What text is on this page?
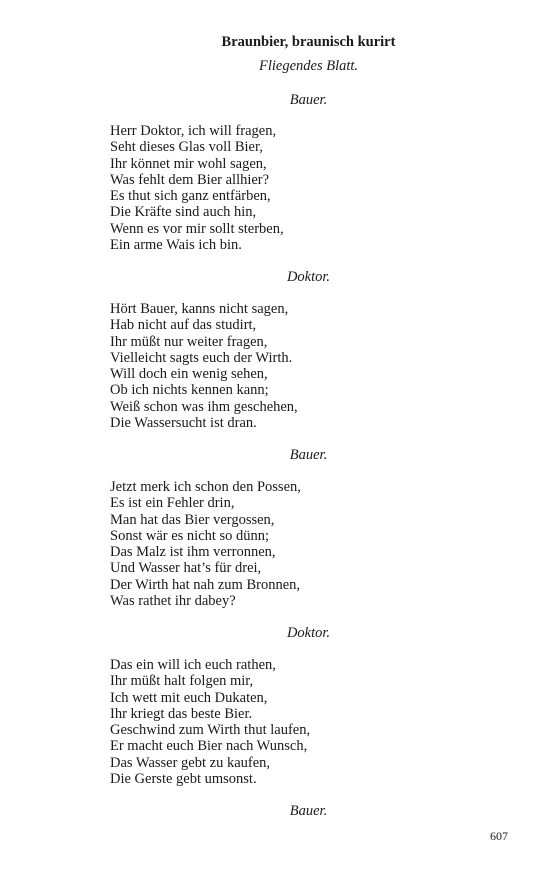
Braunbier, braunisch kurirt
Fliegendes Blatt.
Bauer.
Herr Doktor, ich will fragen,
Seht dieses Glas voll Bier,
Ihr könnet mir wohl sagen,
Was fehlt dem Bier allhier?
Es thut sich ganz entfärben,
Die Kräfte sind auch hin,
Wenn es vor mir sollt sterben,
Ein arme Wais ich bin.
Doktor.
Hört Bauer, kanns nicht sagen,
Hab nicht auf das studirt,
Ihr müßt nur weiter fragen,
Vielleicht sagts euch der Wirth.
Will doch ein wenig sehen,
Ob ich nichts kennen kann;
Weiß schon was ihm geschehen,
Die Wassersucht ist dran.
Bauer.
Jetzt merk ich schon den Possen,
Es ist ein Fehler drin,
Man hat das Bier vergossen,
Sonst wär es nicht so dünn;
Das Malz ist ihm verronnen,
Und Wasser hat’s für drei,
Der Wirth hat nah zum Bronnen,
Was rathet ihr dabey?
Doktor.
Das ein will ich euch rathen,
Ihr müßt halt folgen mir,
Ich wett mit euch Dukaten,
Ihr kriegt das beste Bier.
Geschwind zum Wirth thut laufen,
Er macht euch Bier nach Wunsch,
Das Wasser gebt zu kaufen,
Die Gerste gebt umsonst.
Bauer.
607
